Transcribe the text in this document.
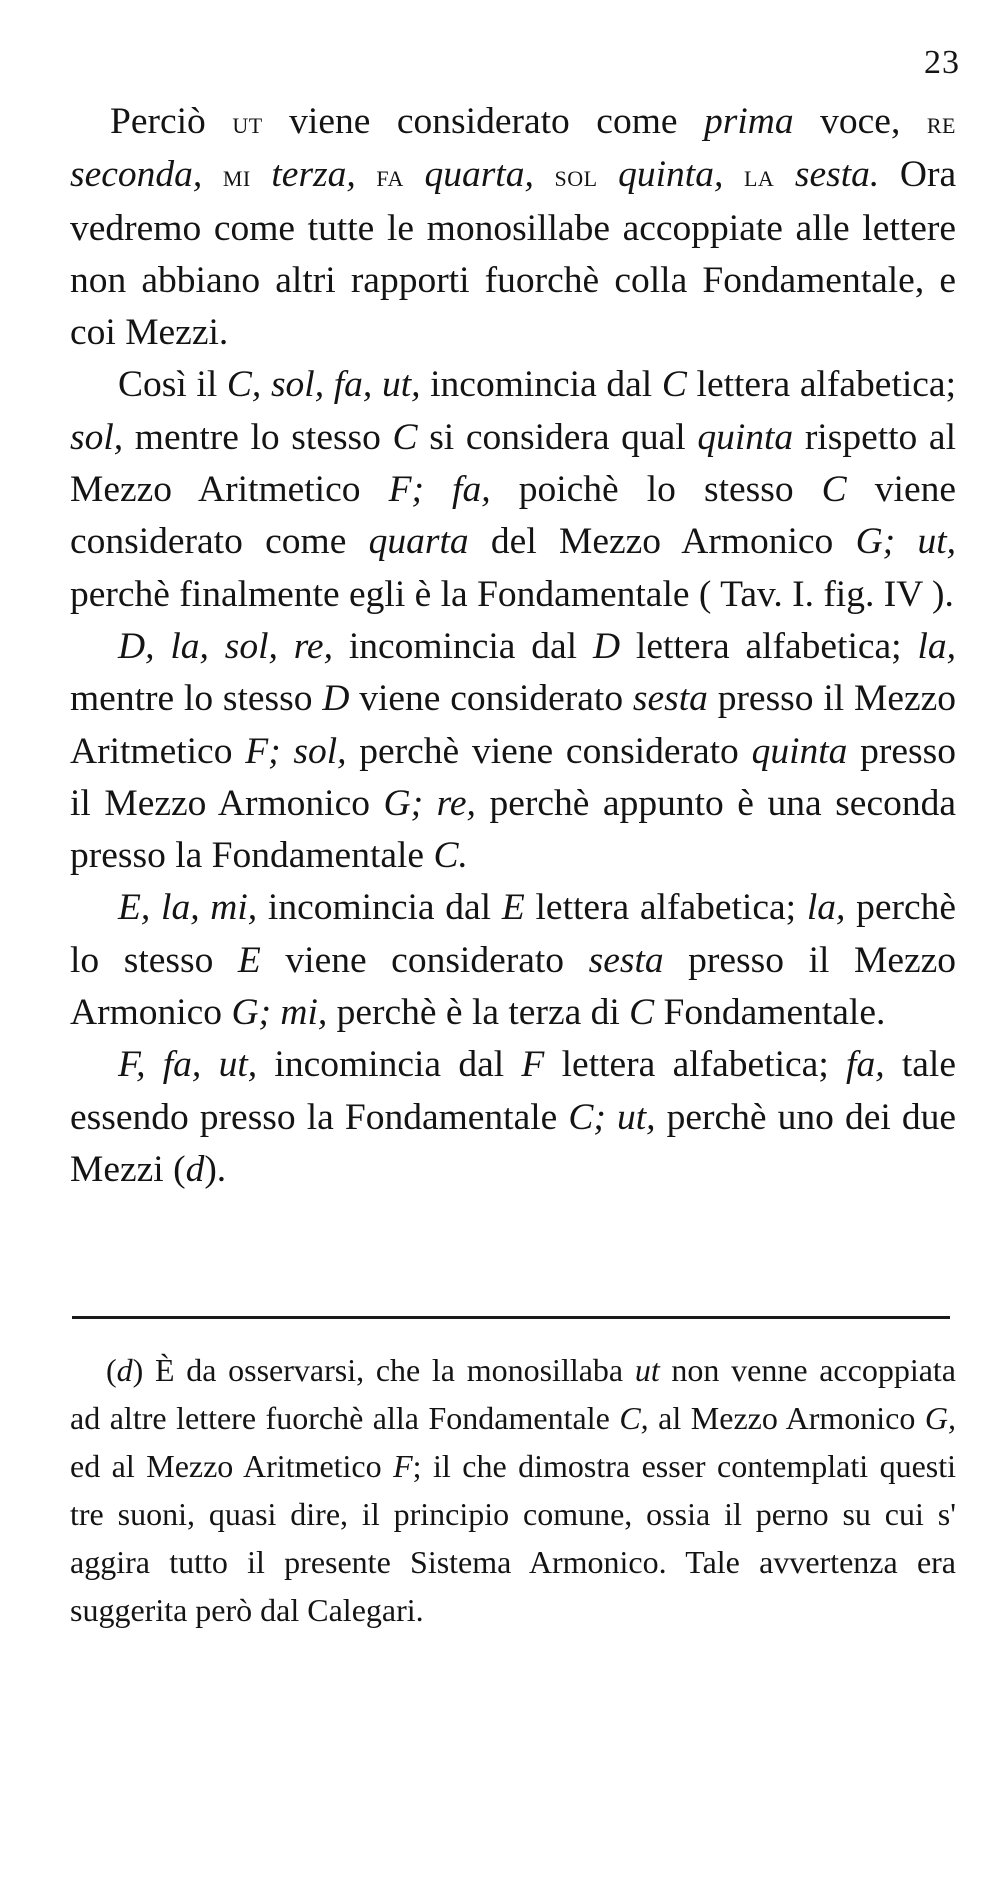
23

Perciò ut viene considerato come prima voce, re seconda, mi terza, fa quarta, sol quinta, la sesta. Ora vedremo come tutte le monosillabe accoppiate alle lettere non abbiano altri rapporti fuorchè colla Fondamentale, e coi Mezzi.

Così il C, sol, fa, ut, incomincia dal C lettera alfabetica; sol, mentre lo stesso C si considera qual quinta rispetto al Mezzo Aritmetico F; fa, poichè lo stesso C viene considerato come quarta del Mezzo Armonico G; ut, perchè finalmente egli è la Fondamentale ( Tav. I. fig. IV ).

D, la, sol, re, incomincia dal D lettera alfabetica; la, mentre lo stesso D viene considerato sesta presso il Mezzo Aritmetico F; sol, perchè viene considerato quinta presso il Mezzo Armonico G; re, perchè appunto è una seconda presso la Fondamentale C.

E, la, mi, incomincia dal E lettera alfabetica; la, perchè lo stesso E viene considerato sesta presso il Mezzo Armonico G; mi, perchè è la terza di C Fondamentale.

F, fa, ut, incomincia dal F lettera alfabetica; fa, tale essendo presso la Fondamentale C; ut, perchè uno dei due Mezzi (d).

(d) È da osservarsi, che la monosillaba ut non venne accoppiata ad altre lettere fuorchè alla Fondamentale C, al Mezzo Armonico G, ed al Mezzo Aritmetico F; il che dimostra esser contemplati questi tre suoni, quasi dire, il principio comune, ossia il perno su cui s' aggira tutto il presente Sistema Armonico. Tale avvertenza era suggerita però dal Calegari.
